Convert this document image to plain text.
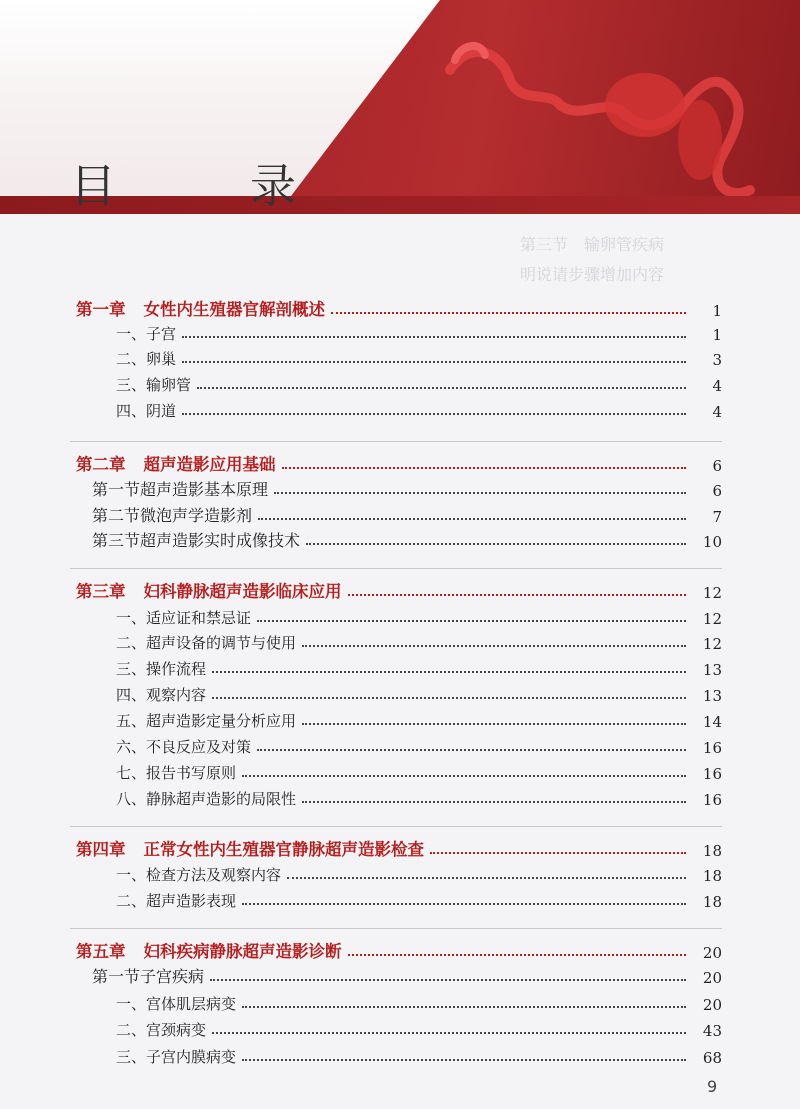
目　录
第三节　输卵管疾病
明说请步骤增加内容
第一章 女性内生殖器官解剖概述	1
一、子宫	1
二、卵巢	3
三、输卵管	4
四、阴道	4
第二章 超声造影应用基础	6
第一节超声造影基本原理	6
第二节微泡声学造影剂	7
第三节超声造影实时成像技术	10
第三章 妇科静脉超声造影临床应用	12
一、适应证和禁忌证	12
二、超声设备的调节与使用	12
三、操作流程	13
四、观察内容	13
五、超声造影定量分析应用	14
六、不良反应及对策	16
七、报告书写原则	16
八、静脉超声造影的局限性	16
第四章 正常女性内生殖器官静脉超声造影检查	18
一、检查方法及观察内容	18
二、超声造影表现	18
第五章 妇科疾病静脉超声造影诊断	20
第一节子宫疾病	20
一、宫体肌层病变	20
二、宫颈病变	43
三、子宫内膜病变	68
9
